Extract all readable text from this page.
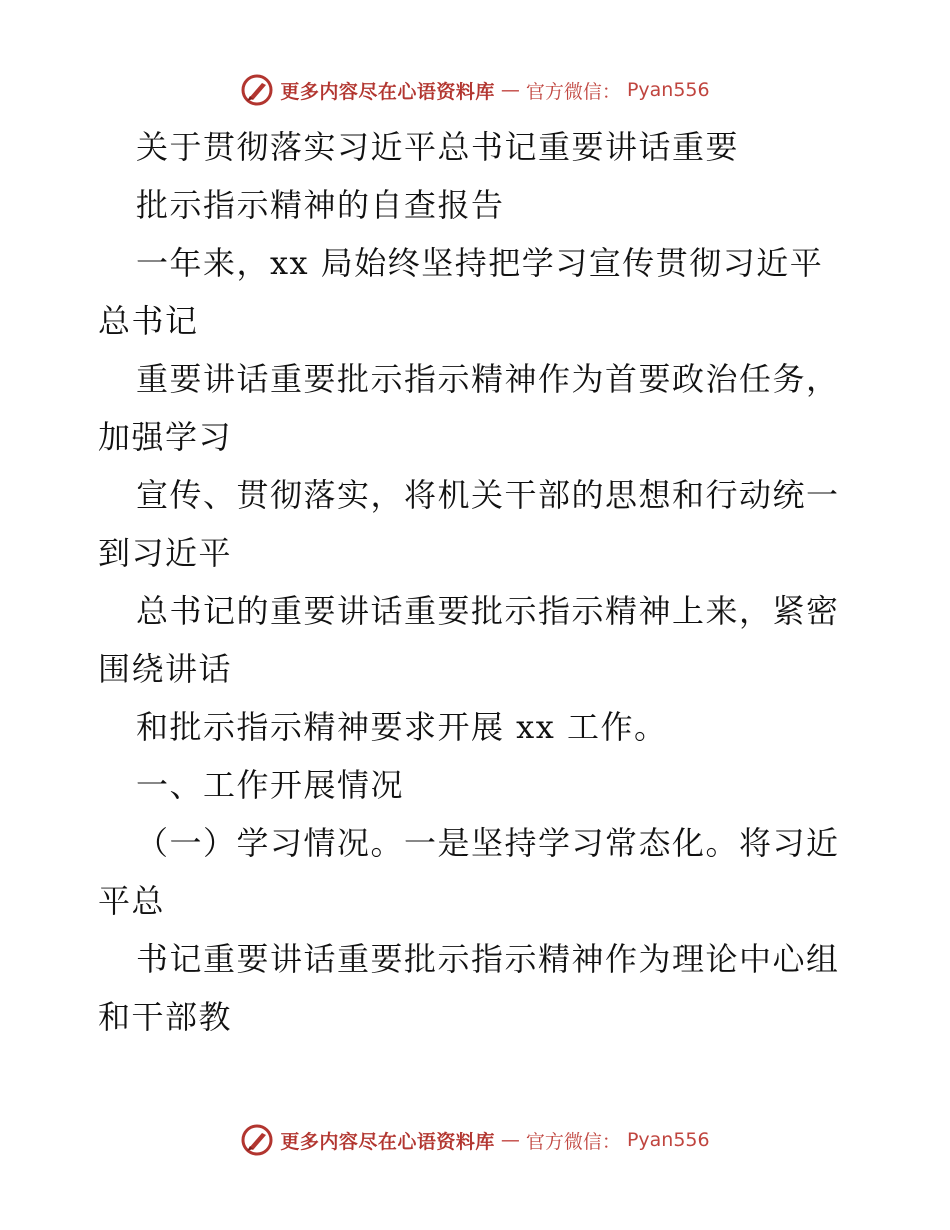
更多内容尽在心语资料库 — 官方微信： Pyan556
关于贯彻落实习近平总书记重要讲话重要
批示指示精神的自查报告
一年来，xx 局始终坚持把学习宣传贯彻习近平
总书记
重要讲话重要批示指示精神作为首要政治任务，
加强学习
宣传、贯彻落实，将机关干部的思想和行动统一
到习近平
总书记的重要讲话重要批示指示精神上来，紧密
围绕讲话
和批示指示精神要求开展 xx 工作。
一、工作开展情况
（一）学习情况。一是坚持学习常态化。将习近
平总
书记重要讲话重要批示指示精神作为理论中心组
和干部教
更多内容尽在心语资料库 — 官方微信： Pyan556
